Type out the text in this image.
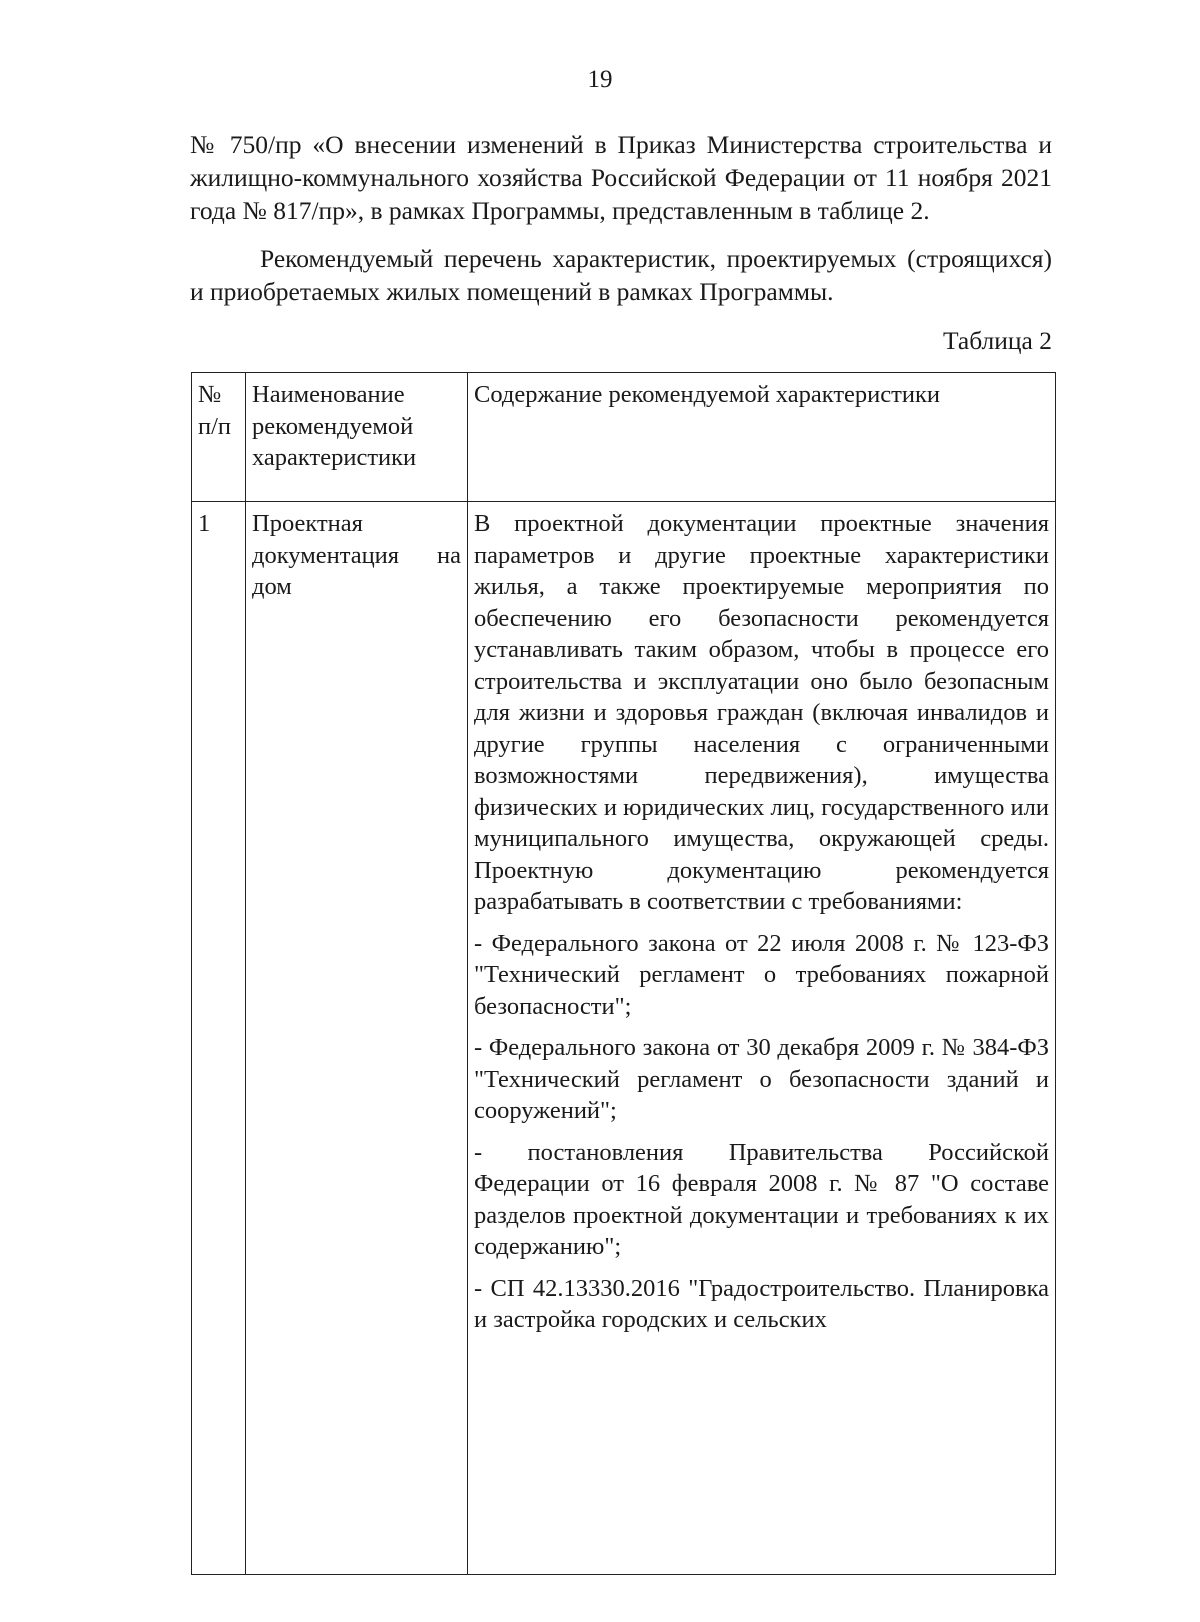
19
№ 750/пр «О внесении изменений в Приказ Министерства строительства и жилищно-коммунального хозяйства Российской Федерации от 11 ноября 2021 года № 817/пр», в рамках Программы, представленным в таблице 2.
Рекомендуемый перечень характеристик, проектируемых (строящихся) и приобретаемых жилых помещений в рамках Программы.
Таблица 2
№ п/п	Наименование рекомендуемой характеристики	Содержание рекомендуемой характеристики
1	Проектная документация на дом	В проектной документации проектные значения параметров и другие проектные характеристики жилья, а также проектируемые мероприятия по обеспечению его безопасности рекомендуется устанавливать таким образом, чтобы в процессе его строительства и эксплуатации оно было безопасным для жизни и здоровья граждан (включая инвалидов и другие группы населения с ограниченными возможностями передвижения), имущества физических и юридических лиц, государственного или муниципального имущества, окружающей среды. Проектную документацию рекомендуется разрабатывать в соответствии с требованиями:

- Федерального закона от 22 июля 2008 г. № 123-ФЗ "Технический регламент о требованиях пожарной безопасности";

- Федерального закона от 30 декабря 2009 г. № 384-ФЗ "Технический регламент о безопасности зданий и сооружений";

- постановления Правительства Российской Федерации от 16 февраля 2008 г. № 87 "О составе разделов проектной документации и требованиях к их содержанию";

- СП 42.13330.2016 "Градостроительство. Планировка и застройка городских и сельских
